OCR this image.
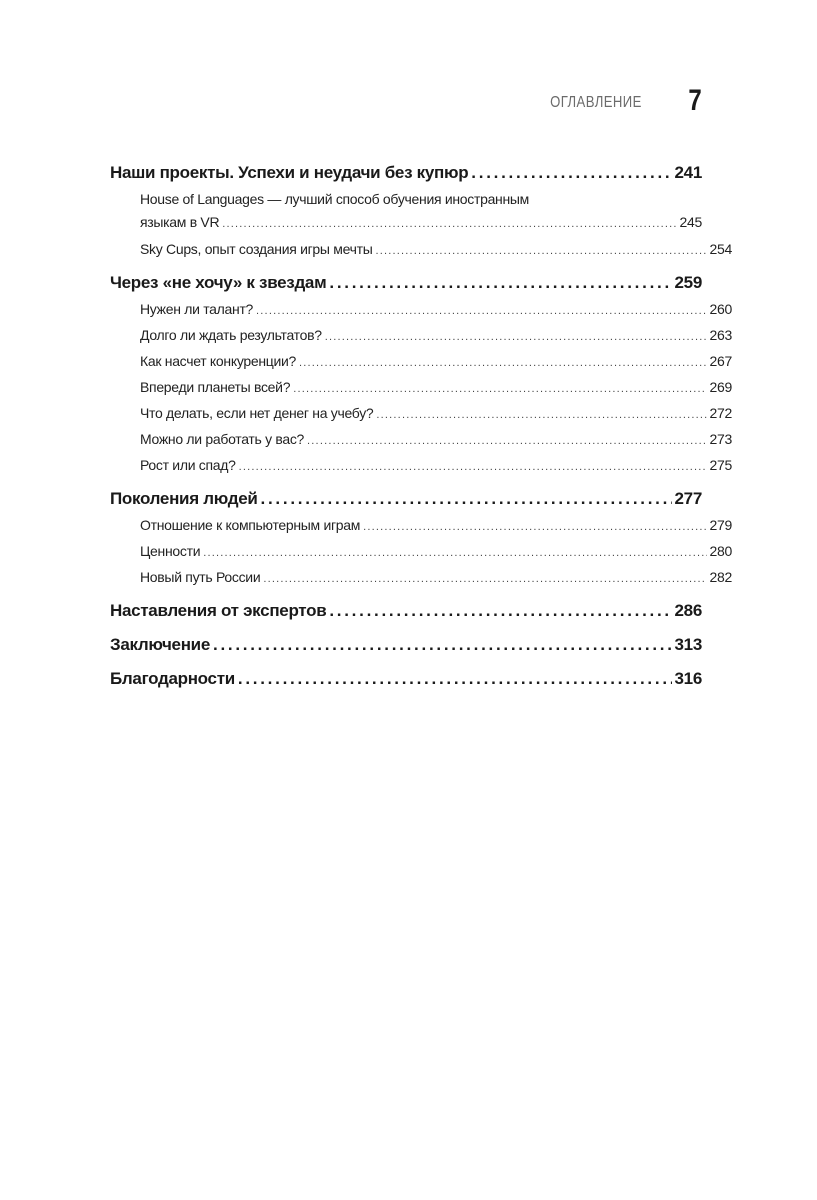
ОГЛАВЛЕНИЕ 7
Наши проекты. Успехи и неудачи без купюр . . .	241
House of Languages — лучший способ обучения иностранным
языкам в VR .....	245
Sky Cups, опыт создания игры мечты .....	254
Через «не хочу» к звездам . . .	259
Нужен ли талант? .....	260
Долго ли ждать результатов? .....	263
Как насчет конкуренции? .....	267
Впереди планеты всей? .....	269
Что делать, если нет денег на учебу? .....	272
Можно ли работать у вас? .....	273
Рост или спад? .....	275
Поколения людей . . .	277
Отношение к компьютерным играм .....	279
Ценности .....	280
Новый путь России .....	282
Наставления от экспертов . . .	286
Заключение . . .	313
Благодарности . . .	316
